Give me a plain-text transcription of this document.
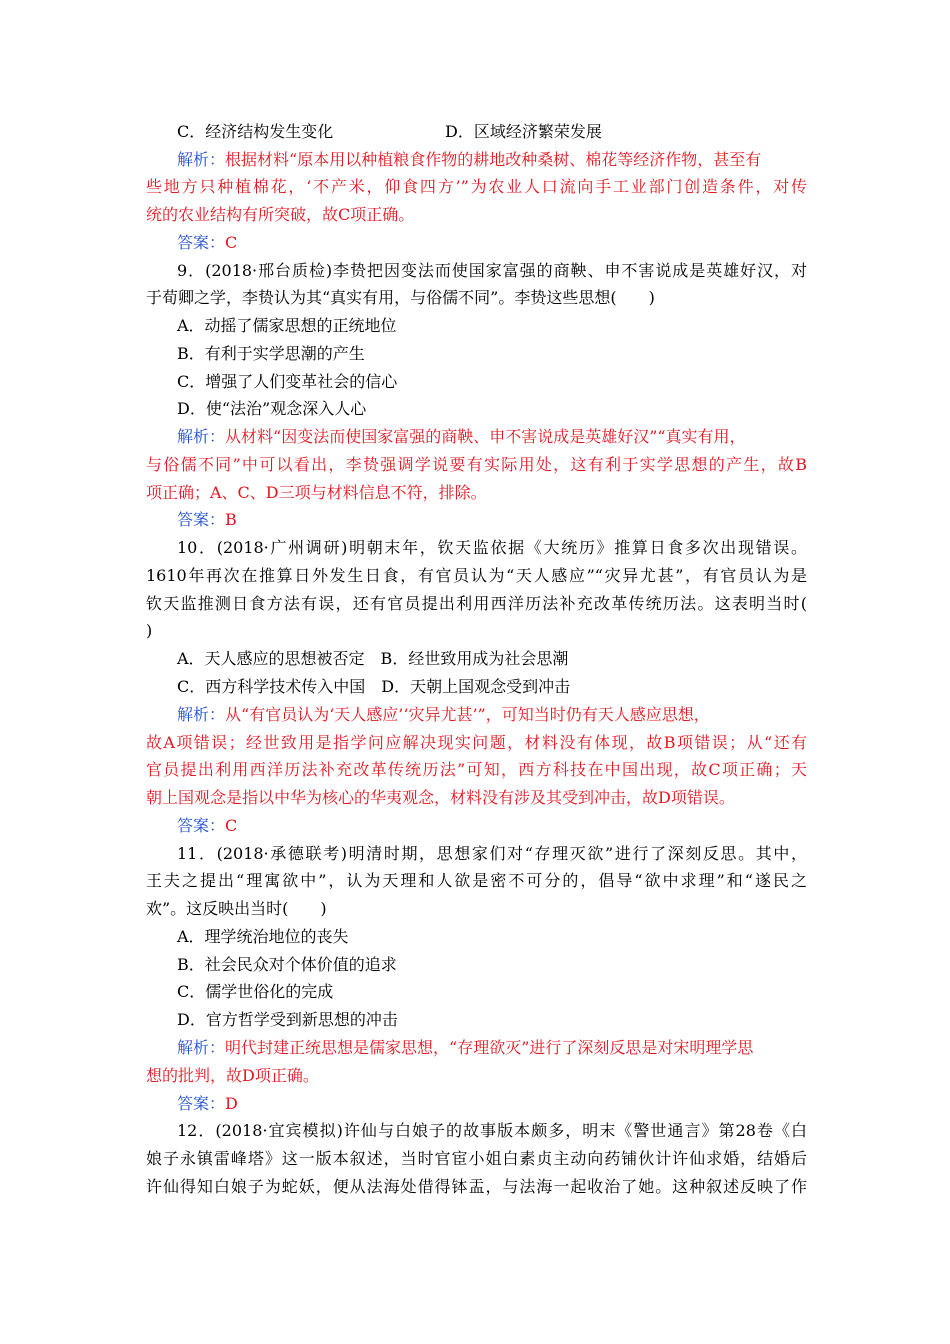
C．经济结构发生变化	D．区域经济繁荣发展
解析：根据材料“原本用以种植粮食作物的耕地改种桑树、棉花等经济作物，甚至有
些地方只种植棉花，‘不产米，仰食四方’”为农业人口流向手工业部门创造条件，对传
统的农业结构有所突破，故C项正确。
答案：C
9．(2018·邢台质检)李贽把因变法而使国家富强的商鞅、申不害说成是英雄好汉，对
于荀卿之学，李贽认为其“真实有用，与俗儒不同”。李贽这些思想(　　)
A．动摇了儒家思想的正统地位
B．有利于实学思潮的产生
C．增强了人们变革社会的信心
D．使“法治”观念深入人心
解析：从材料“因变法而使国家富强的商鞅、申不害说成是英雄好汉”“真实有用，
与俗儒不同”中可以看出，李贽强调学说要有实际用处，这有利于实学思想的产生，故B
项正确；A、C、D三项与材料信息不符，排除。
答案：B
10．(2018·广州调研)明朝末年，钦天监依据《大统历》推算日食多次出现错误。
1610年再次在推算日外发生日食，有官员认为“天人感应”“灾异尤甚”，有官员认为是
钦天监推测日食方法有误，还有官员提出利用西洋历法补充改革传统历法。这表明当时(
)
A．天人感应的思想被否定　B．经世致用成为社会思潮
C．西方科学技术传入中国　D．天朝上国观念受到冲击
解析：从“有官员认为‘天人感应’‘灾异尤甚’”，可知当时仍有天人感应思想，
故A项错误；经世致用是指学问应解决现实问题，材料没有体现，故B项错误；从“还有
官员提出利用西洋历法补充改革传统历法”可知，西方科技在中国出现，故C项正确；天
朝上国观念是指以中华为核心的华夷观念，材料没有涉及其受到冲击，故D项错误。
答案：C
11．(2018·承德联考)明清时期，思想家们对“存理灭欲”进行了深刻反思。其中，
王夫之提出“理寓欲中”，认为天理和人欲是密不可分的，倡导“欲中求理”和“遂民之
欢”。这反映出当时(　　)
A．理学统治地位的丧失
B．社会民众对个体价值的追求
C．儒学世俗化的完成
D．官方哲学受到新思想的冲击
解析：明代封建正统思想是儒家思想，“存理欲灭”进行了深刻反思是对宋明理学思
想的批判，故D项正确。
答案：D
12．(2018·宜宾模拟)许仙与白娘子的故事版本颇多，明末《警世通言》第28卷《白
娘子永镇雷峰塔》这一版本叙述，当时官宦小姐白素贞主动向药铺伙计许仙求婚，结婚后
许仙得知白娘子为蛇妖，便从法海处借得钵盂，与法海一起收治了她。这种叙述反映了作
